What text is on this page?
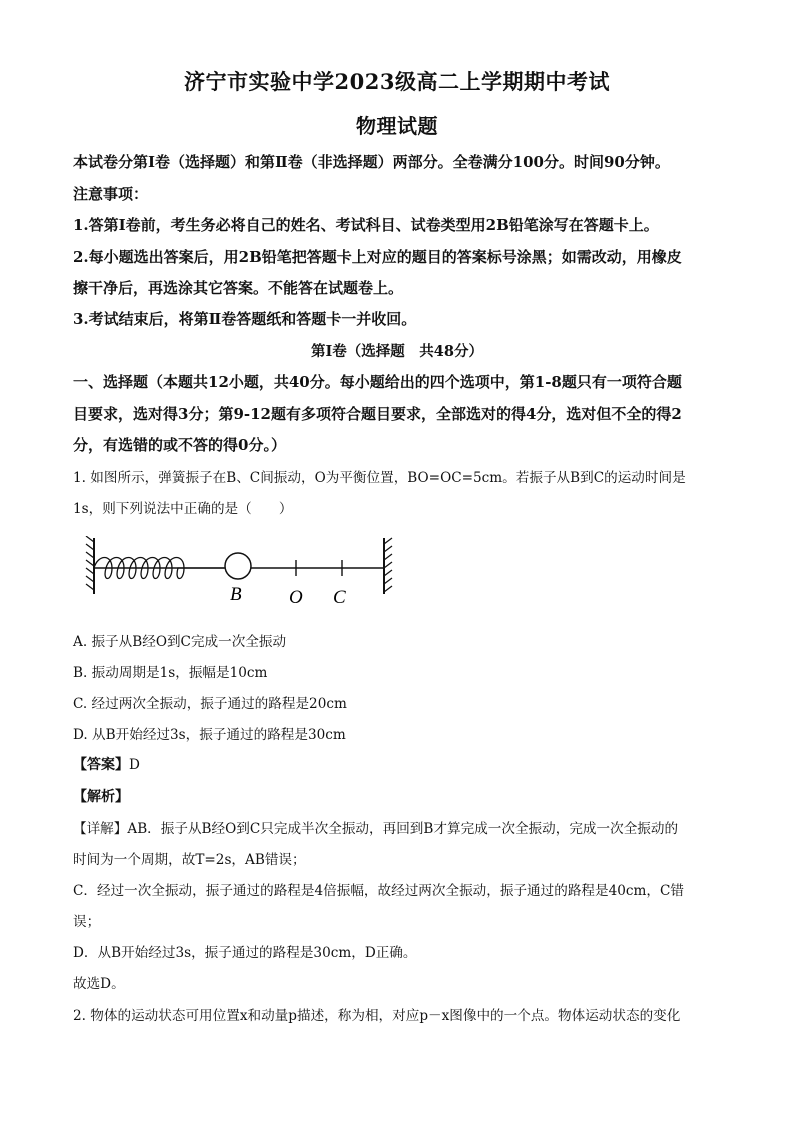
济宁市实验中学2023级高二上学期期中考试
物理试题
本试卷分第Ⅰ卷（选择题）和第Ⅱ卷（非选择题）两部分。全卷满分100分。时间90分钟。
注意事项：
1.答第Ⅰ卷前，考生务必将自己的姓名、考试科目、试卷类型用2B铅笔涂写在答题卡上。
2.每小题选出答案后，用2B铅笔把答题卡上对应的题目的答案标号涂黑；如需改动，用橡皮
擦干净后，再选涂其它答案。不能答在试题卷上。
3.考试结束后，将第Ⅱ卷答题纸和答题卡一并收回。
第Ⅰ卷（选择题　共48分）
一、选择题（本题共12小题，共40分。每小题给出的四个选项中，第1-8题只有一项符合题
目要求，选对得3分；第9-12题有多项符合题目要求，全部选对的得4分，选对但不全的得2
分，有选错的或不答的得0分。）
1. 如图所示，弹簧振子在B、C间振动，O为平衡位置，BO=OC=5cm。若振子从B到C的运动时间是
1s，则下列说法中正确的是（　　）
B O C
A. 振子从B经O到C完成一次全振动
B. 振动周期是1s，振幅是10cm
C. 经过两次全振动，振子通过的路程是20cm
D. 从B开始经过3s，振子通过的路程是30cm
【答案】D
【解析】
【详解】AB．振子从B经O到C只完成半次全振动，再回到B才算完成一次全振动，完成一次全振动的
时间为一个周期，故T=2s，AB错误；
C．经过一次全振动，振子通过的路程是4倍振幅，故经过两次全振动，振子通过的路程是40cm，C错
误；
D．从B开始经过3s，振子通过的路程是30cm，D正确。
故选D。
2. 物体的运动状态可用位置x和动量p描述，称为相，对应p－x图像中的一个点。物体运动状态的变化
